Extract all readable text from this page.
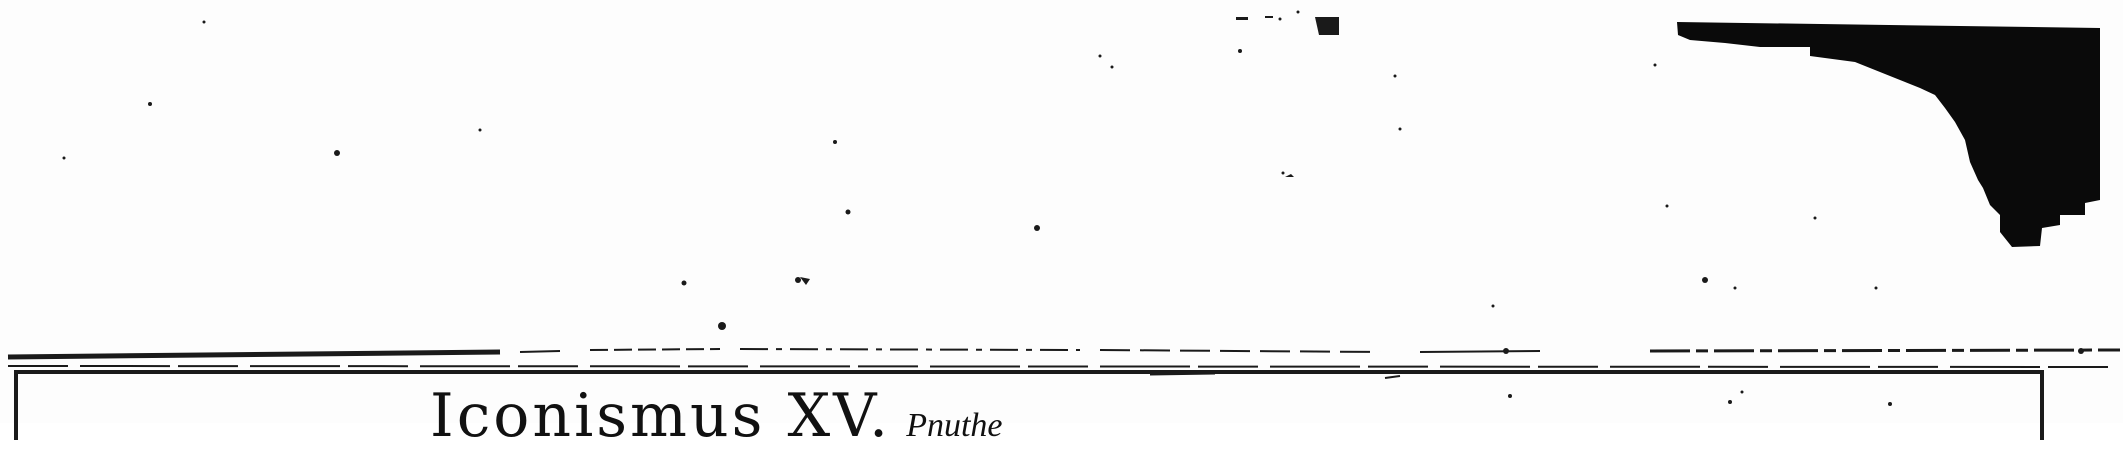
Iconismus XV. Pnuthe
